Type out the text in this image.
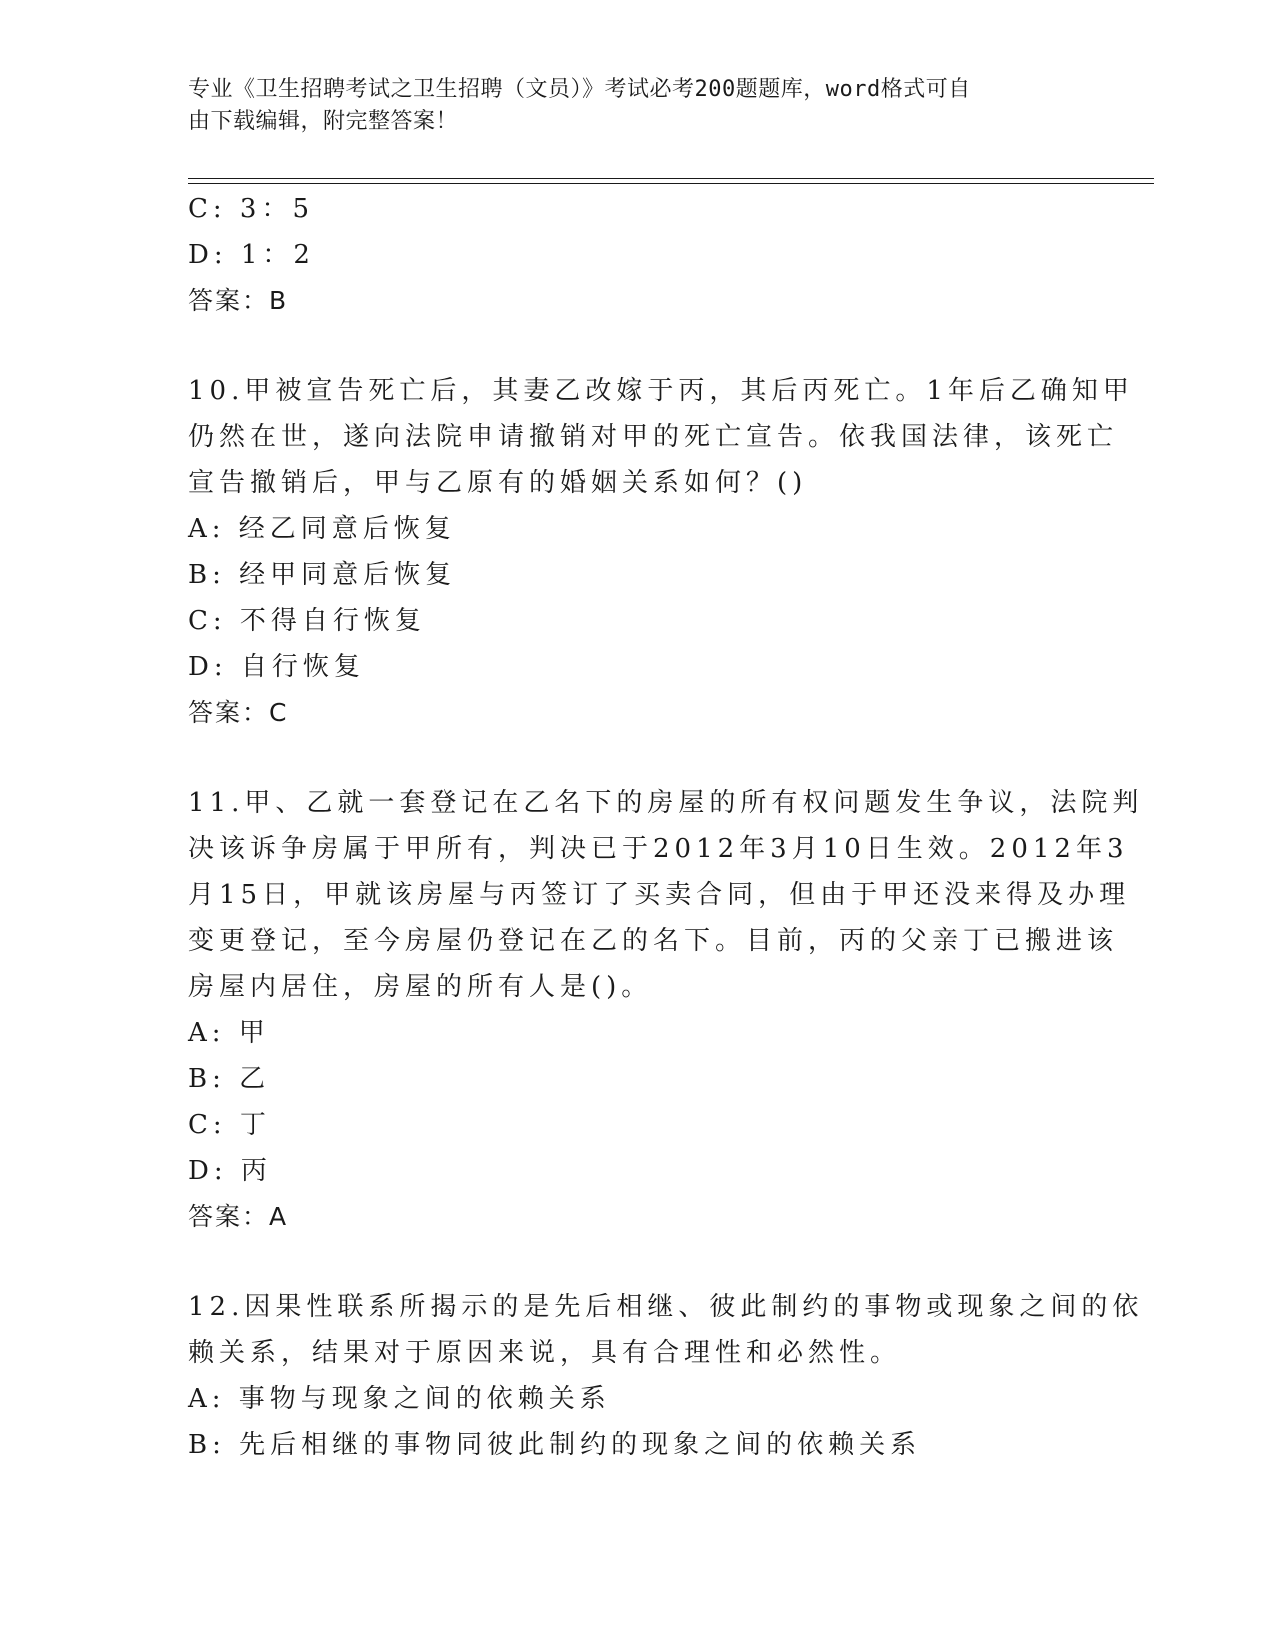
专业《卫生招聘考试之卫生招聘（文员）》考试必考200题题库，word格式可自
由下载编辑，附完整答案！
C: 3：5
D: 1：2
答案：B
10.甲被宣告死亡后，其妻乙改嫁于丙，其后丙死亡。1年后乙确知甲
仍然在世，遂向法院申请撤销对甲的死亡宣告。依我国法律，该死亡
宣告撤销后，甲与乙原有的婚姻关系如何？()
A: 经乙同意后恢复
B: 经甲同意后恢复
C: 不得自行恢复
D: 自行恢复
答案：C
11.甲、乙就一套登记在乙名下的房屋的所有权问题发生争议，法院判
决该诉争房属于甲所有，判决已于2012年3月10日生效。2012年3
月15日，甲就该房屋与丙签订了买卖合同，但由于甲还没来得及办理
变更登记，至今房屋仍登记在乙的名下。目前，丙的父亲丁已搬进该
房屋内居住，房屋的所有人是()。
A: 甲
B: 乙
C: 丁
D: 丙
答案：A
12.因果性联系所揭示的是先后相继、彼此制约的事物或现象之间的依
赖关系，结果对于原因来说，具有合理性和必然性。
A: 事物与现象之间的依赖关系
B: 先后相继的事物同彼此制约的现象之间的依赖关系
